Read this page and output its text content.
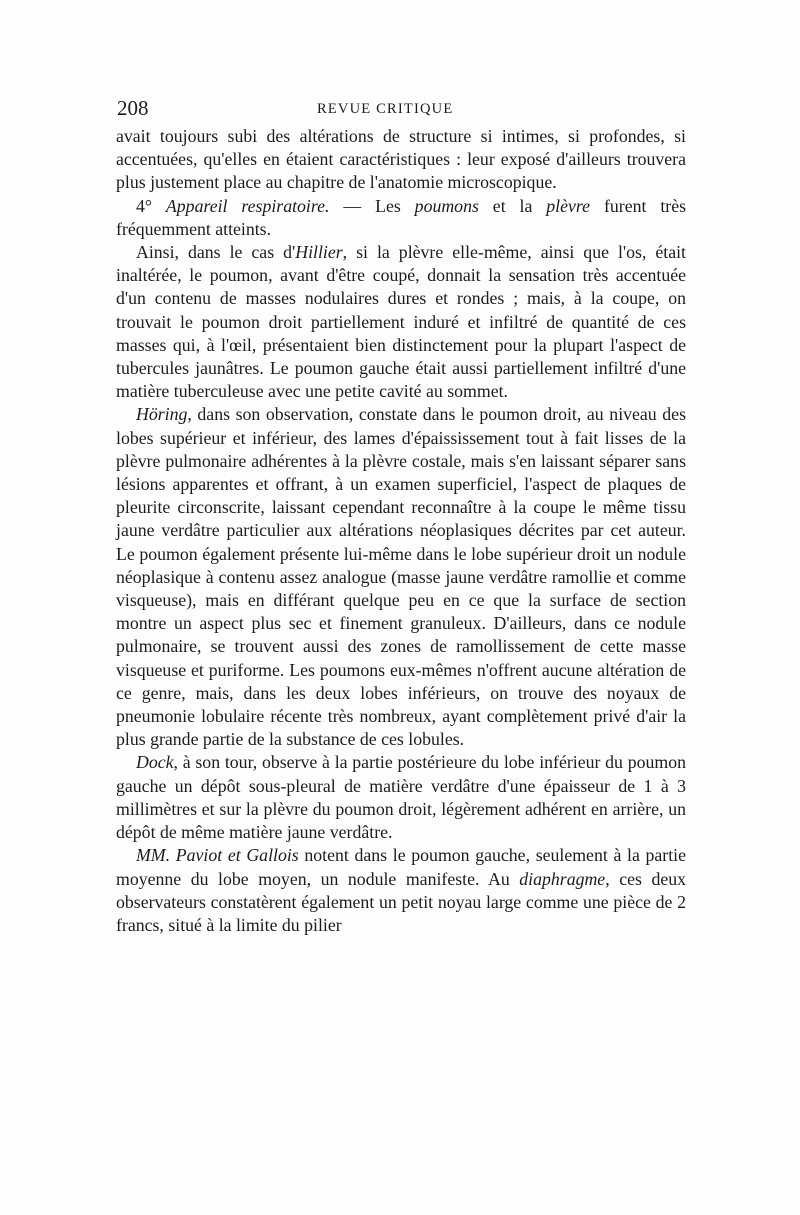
208	REVUE CRITIQUE

avait toujours subi des altérations de structure si intimes, si profondes, si accentuées, qu'elles en étaient caractéristiques : leur exposé d'ailleurs trouvera plus justement place au chapitre de l'anatomie microscopique.

4° Appareil respiratoire. — Les poumons et la plèvre furent très fréquemment atteints.

Ainsi, dans le cas d'Hillier, si la plèvre elle-même, ainsi que l'os, était inaltérée, le poumon, avant d'être coupé, donnait la sensation très accentuée d'un contenu de masses nodulaires dures et rondes ; mais, à la coupe, on trouvait le poumon droit partiellement induré et infiltré de quantité de ces masses qui, à l'œil, présentaient bien distinctement pour la plupart l'aspect de tubercules jaunâtres. Le poumon gauche était aussi partiellement infiltré d'une matière tuberculeuse avec une petite cavité au sommet.

Höring, dans son observation, constate dans le poumon droit, au niveau des lobes supérieur et inférieur, des lames d'épaississement tout à fait lisses de la plèvre pulmonaire adhérentes à la plèvre costale, mais s'en laissant séparer sans lésions apparentes et offrant, à un examen superficiel, l'aspect de plaques de pleurite circonscrite, laissant cependant reconnaître à la coupe le même tissu jaune verdâtre particulier aux altérations néoplasiques décrites par cet auteur. Le poumon également présente lui-même dans le lobe supérieur droit un nodule néoplasique à contenu assez analogue (masse jaune verdâtre ramollie et comme visqueuse), mais en différant quelque peu en ce que la surface de section montre un aspect plus sec et finement granuleux. D'ailleurs, dans ce nodule pulmonaire, se trouvent aussi des zones de ramollissement de cette masse visqueuse et puriforme. Les poumons eux-mêmes n'offrent aucune altération de ce genre, mais, dans les deux lobes inférieurs, on trouve des noyaux de pneumonie lobulaire récente très nombreux, ayant complètement privé d'air la plus grande partie de la substance de ces lobules.

Dock, à son tour, observe à la partie postérieure du lobe inférieur du poumon gauche un dépôt sous-pleural de matière verdâtre d'une épaisseur de 1 à 3 millimètres et sur la plèvre du poumon droit, légèrement adhérent en arrière, un dépôt de même matière jaune verdâtre.

MM. Paviot et Gallois notent dans le poumon gauche, seulement à la partie moyenne du lobe moyen, un nodule manifeste. Au diaphragme, ces deux observateurs constatèrent également un petit noyau large comme une pièce de 2 francs, situé à la limite du pilier
